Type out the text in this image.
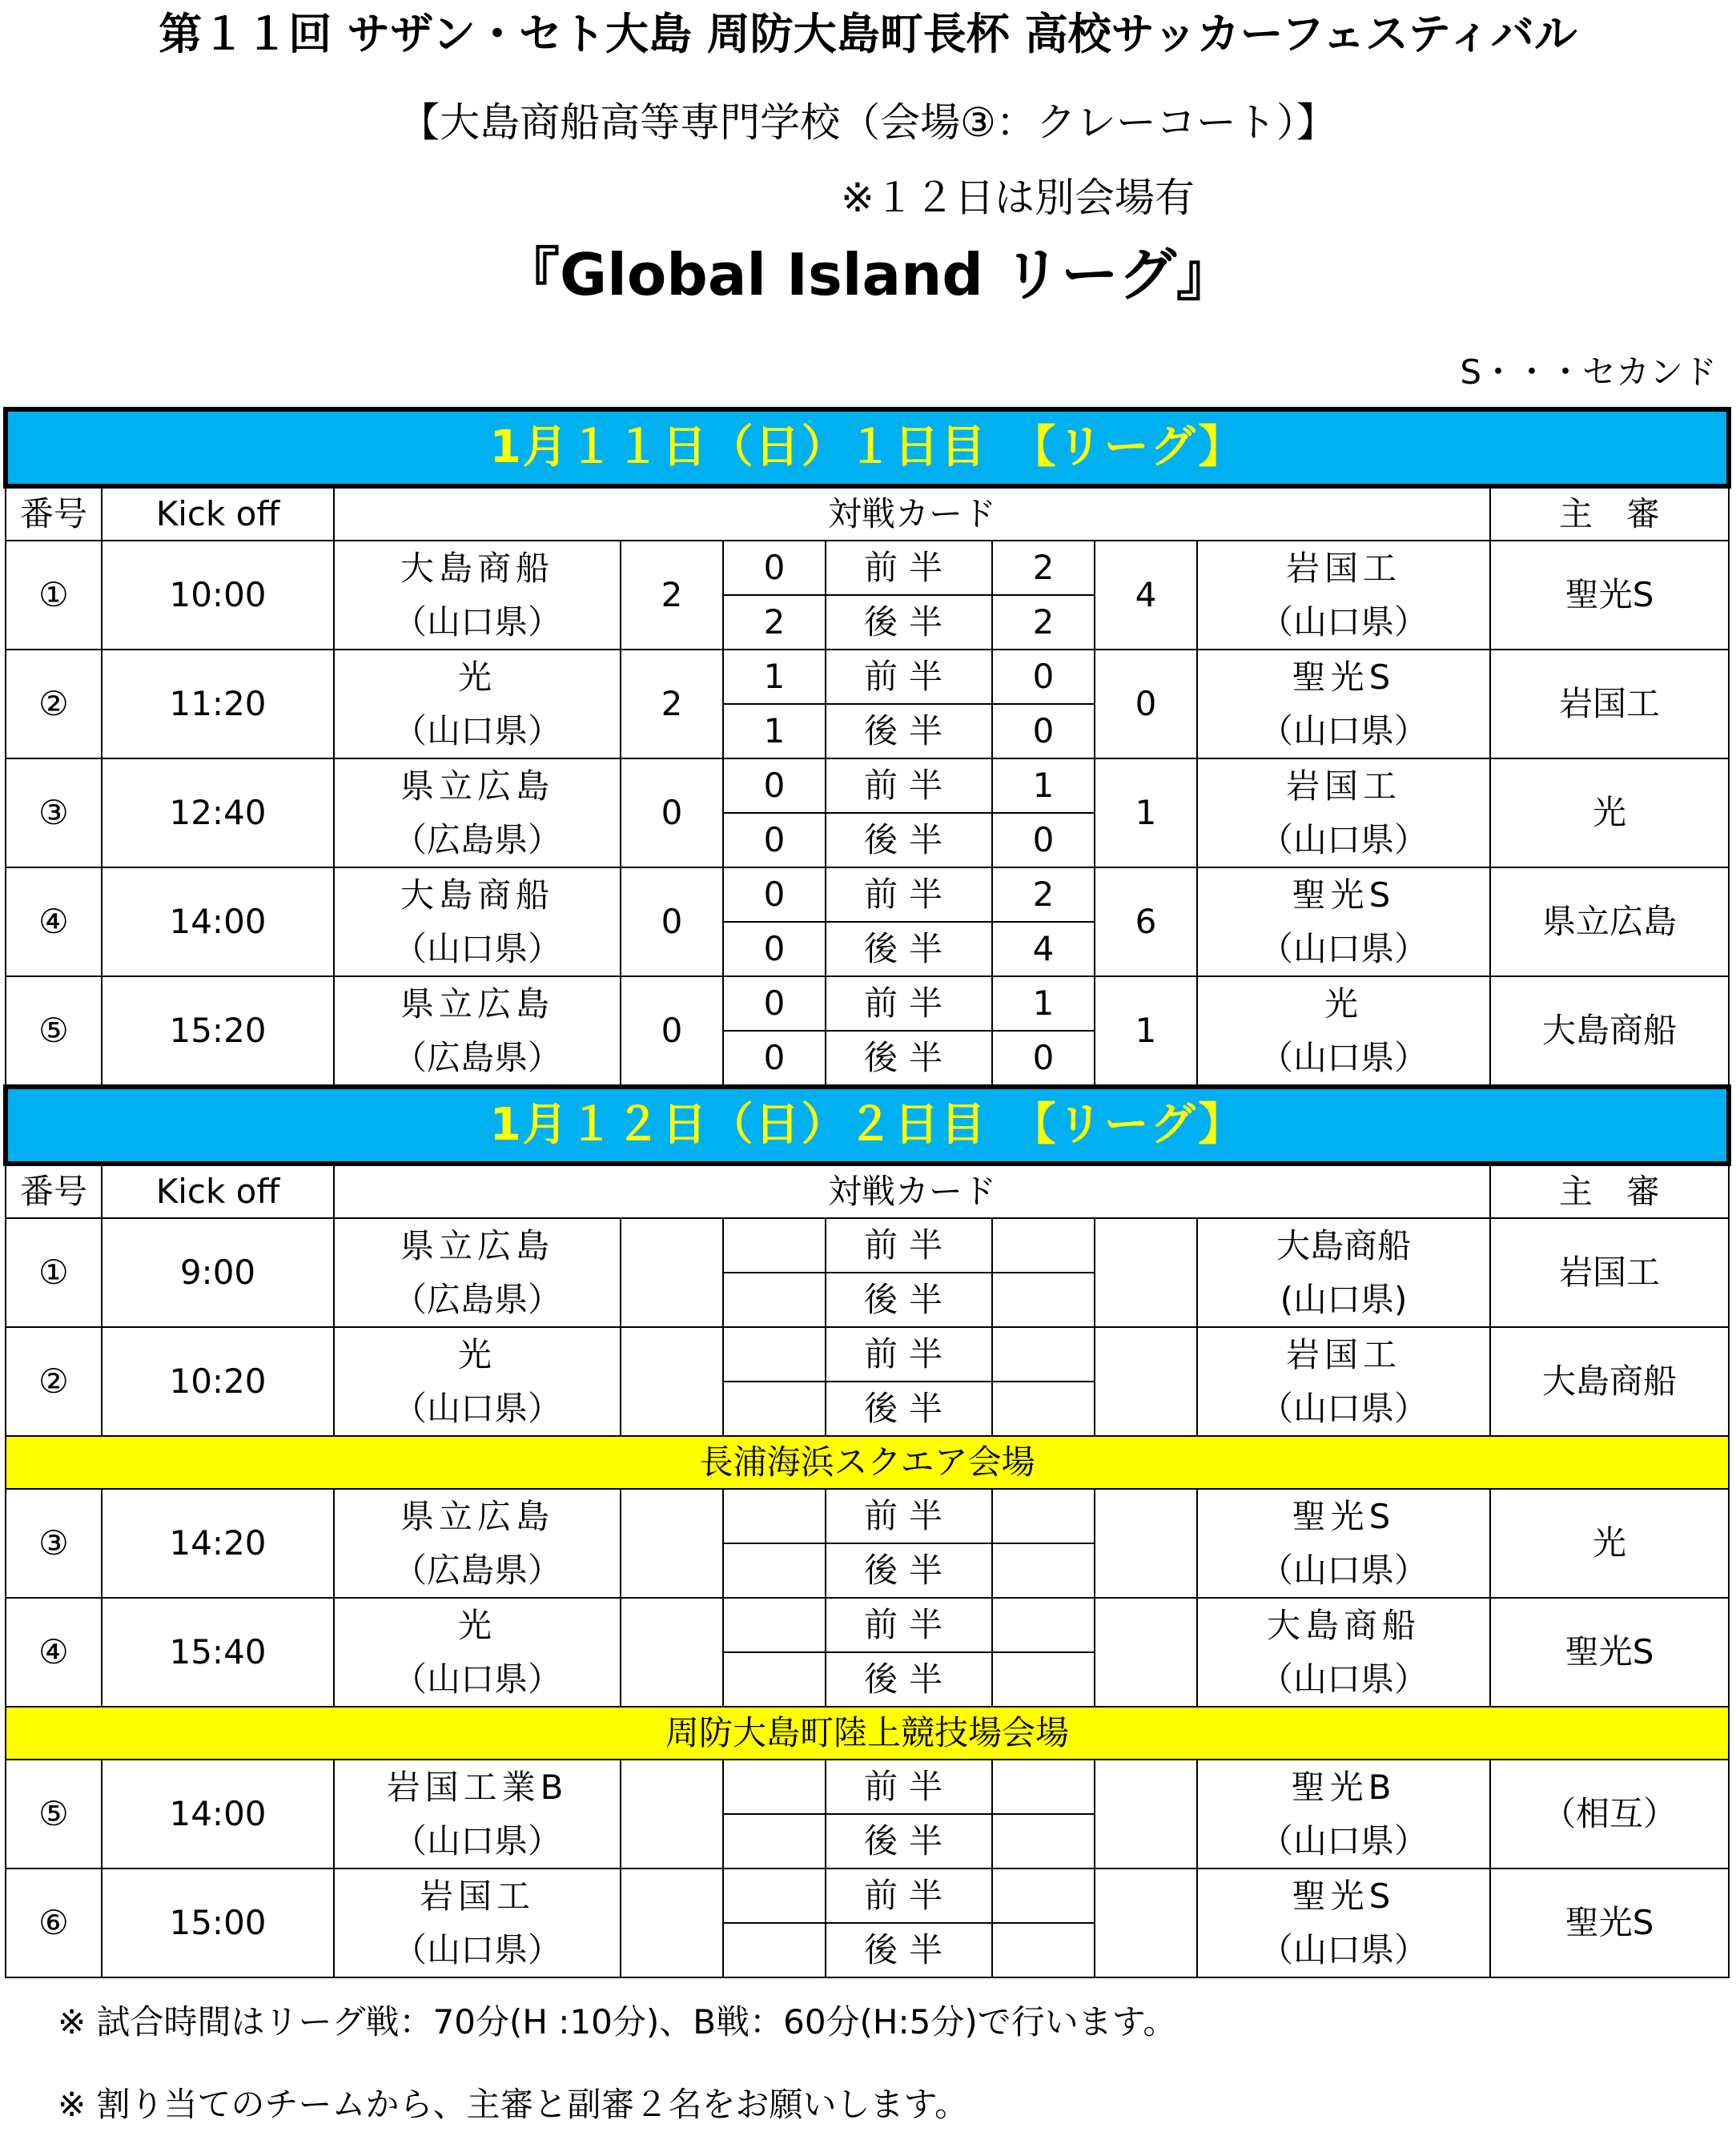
第１１回 サザン・セト大島 周防大島町長杯 高校サッカーフェスティバル
【大島商船高等専門学校（会場③：クレーコート）】
※１２日は別会場有
『Global Island リーグ』
S・・・セカンド
1月１１日（日）１日目　【リーグ】									
番号	Kick off	対戦カード							主　審
①	10:00	大島商船	2	0	前半	2	4	岩国工	聖光S
		（山口県）		2	後半	2		（山口県）	
②	11:20	光	2	1	前半	0	0	聖光S	岩国工
		（山口県）		1	後半	0		（山口県）	
③	12:40	県立広島	0	0	前半	1	1	岩国工	光
		（広島県）		0	後半	0		（山口県）	
④	14:00	大島商船	0	0	前半	2	6	聖光S	県立広島
		（山口県）		0	後半	4		（山口県）	
⑤	15:20	県立広島	0	0	前半	1	1	光	大島商船
		（広島県）		0	後半	0		（山口県）	
1月１２日（日）２日目　【リーグ】									
番号	Kick off	対戦カード							主　審
①	9:00	県立広島			前半			大島商船	岩国工
		（広島県）			後半			(山口県)	
②	10:20	光			前半			岩国工	大島商船
		（山口県）			後半			（山口県）	
長浦海浜スクエア会場									
③	14:20	県立広島			前半			聖光S	光
		（広島県）			後半			（山口県）	
④	15:40	光			前半			大島商船	聖光S
		（山口県）			後半			（山口県）	
周防大島町陸上競技場会場									
⑤	14:00	岩国工業B			前半			聖光B	（相互）
		（山口県）			後半			（山口県）	
⑥	15:00	岩国工			前半			聖光S	聖光S
		（山口県）			後半			（山口県）	
※ 試合時間はリーグ戦：70分(H :10分)、B戦：60分(H:5分)で行います。
※ 割り当てのチームから、主審と副審２名をお願いします。
